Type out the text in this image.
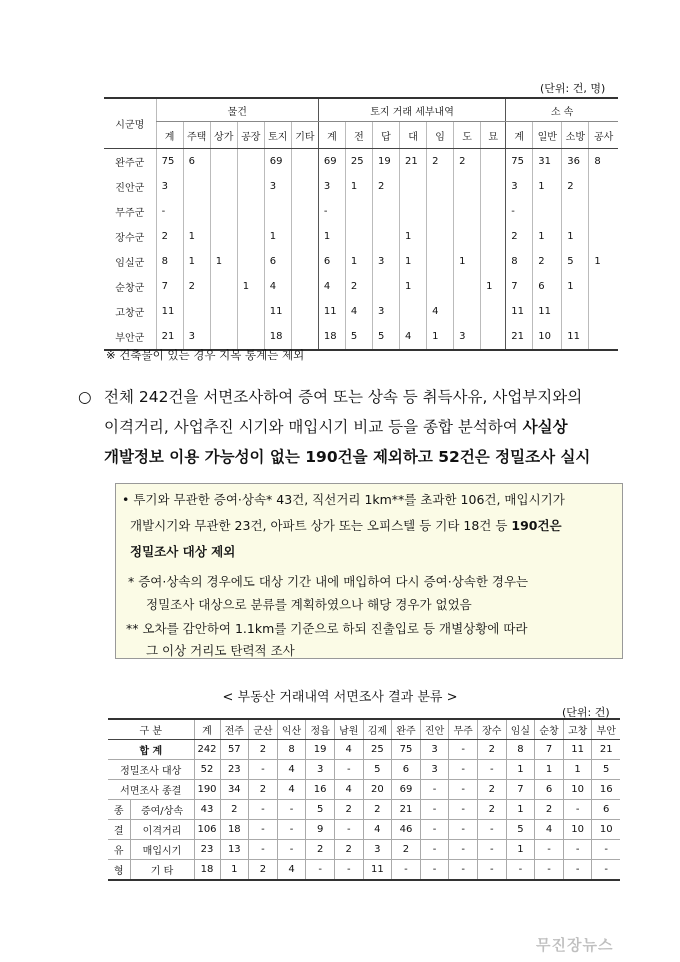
(단위: 건, 명)
시군명	물건						토지 거래 세부내역							소 속			
	계	주택	상가	공장	토지	기타	계	전	답	대	임	도	묘	계	일반	소방	공사
완주군	75	6			69		69	25	19	21	2	2		75	31	36	8
진안군	3				3		3	1	2					3	1	2	
무주군	-						-							-			
장수군	2	1			1		1			1				2	1	1	
임실군	8	1	1		6		6	1	3	1		1		8	2	5	1
순창군	7	2		1	4		4	2		1			1	7	6	1	
고창군	11				11		11	4	3		4			11	11		
부안군	21	3			18		18	5	5	4	1	3		21	10	11	
※ 건축물이 있는 경우 지목 통계는 제외
○ 전체 242건을 서면조사하여 증여 또는 상속 등 취득사유, 사업부지와의
이격거리, 사업추진 시기와 매입시기 비교 등을 종합 분석하여 사실상
개발정보 이용 가능성이 없는 190건을 제외하고 52건은 정밀조사 실시
• 투기와 무관한 증여·상속* 43건, 직선거리 1km**를 초과한 106건, 매입시기가
개발시기와 무관한 23건, 아파트 상가 또는 오피스텔 등 기타 18건 등 190건은
정밀조사 대상 제외
* 증여·상속의 경우에도 대상 기간 내에 매입하여 다시 증여·상속한 경우는
정밀조사 대상으로 분류를 계획하였으나 해당 경우가 없었음
** 오차를 감안하여 1.1km를 기준으로 하되 진출입로 등 개별상황에 따라
그 이상 거리도 탄력적 조사
< 부동산 거래내역 서면조사 결과 분류 >
(단위: 건)
구 분		계	전주	군산	익산	정읍	남원	김제	완주	진안	무주	장수	임실	순창	고창	부안
합 계		242	57	2	8	19	4	25	75	3	-	2	8	7	11	21
정밀조사 대상		52	23	-	4	3	-	5	6	3	-	-	1	1	1	5
서면조사 종결		190	34	2	4	16	4	20	69	-	-	2	7	6	10	16
종	증여/상속	43	2	-	-	5	2	2	21	-	-	2	1	2	-	6
결	이격거리	106	18	-	-	9	-	4	46	-	-	-	5	4	10	10
유	매입시기	23	13	-	-	2	2	3	2	-	-	-	1	-	-	-
형	기 타	18	1	2	4	-	-	11	-	-	-	-	-	-	-	-
무진장뉴스
